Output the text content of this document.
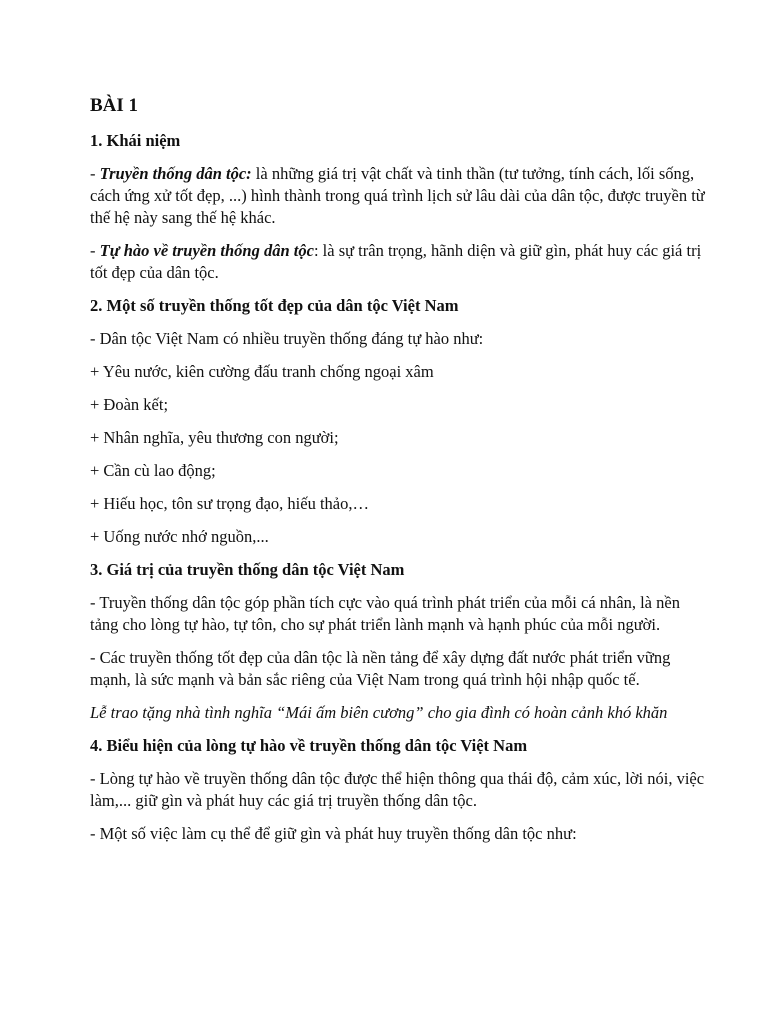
BÀI 1
1. Khái niệm
- Truyền thống dân tộc: là những giá trị vật chất và tinh thần (tư tưởng, tính cách, lối sống, cách ứng xử tốt đẹp, ...) hình thành trong quá trình lịch sử lâu dài của dân tộc, được truyền từ thế hệ này sang thế hệ khác.
- Tự hào về truyền thống dân tộc: là sự trân trọng, hãnh diện và giữ gìn, phát huy các giá trị tốt đẹp của dân tộc.
2. Một số truyền thống tốt đẹp của dân tộc Việt Nam
- Dân tộc Việt Nam có nhiều truyền thống đáng tự hào như:
+ Yêu nước, kiên cường đấu tranh chống ngoại xâm
+ Đoàn kết;
+ Nhân nghĩa, yêu thương con người;
+ Cần cù lao động;
+ Hiếu học, tôn sư trọng đạo, hiếu thảo,…
+ Uống nước nhớ nguồn,...
3. Giá trị của truyền thống dân tộc Việt Nam
- Truyền thống dân tộc góp phần tích cực vào quá trình phát triển của mỗi cá nhân, là nền tảng cho lòng tự hào, tự tôn, cho sự phát triển lành mạnh và hạnh phúc của mỗi người.
- Các truyền thống tốt đẹp của dân tộc là nền tảng để xây dựng đất nước phát triển vững mạnh, là sức mạnh và bản sắc riêng của Việt Nam trong quá trình hội nhập quốc tế.
Lễ trao tặng nhà tình nghĩa “Mái ấm biên cương” cho gia đình có hoàn cảnh khó khăn
4. Biểu hiện của lòng tự hào về truyền thống dân tộc Việt Nam
- Lòng tự hào về truyền thống dân tộc được thể hiện thông qua thái độ, cảm xúc, lời nói, việc làm,... giữ gìn và phát huy các giá trị truyền thống dân tộc.
- Một số việc làm cụ thể để giữ gìn và phát huy truyền thống dân tộc như:
